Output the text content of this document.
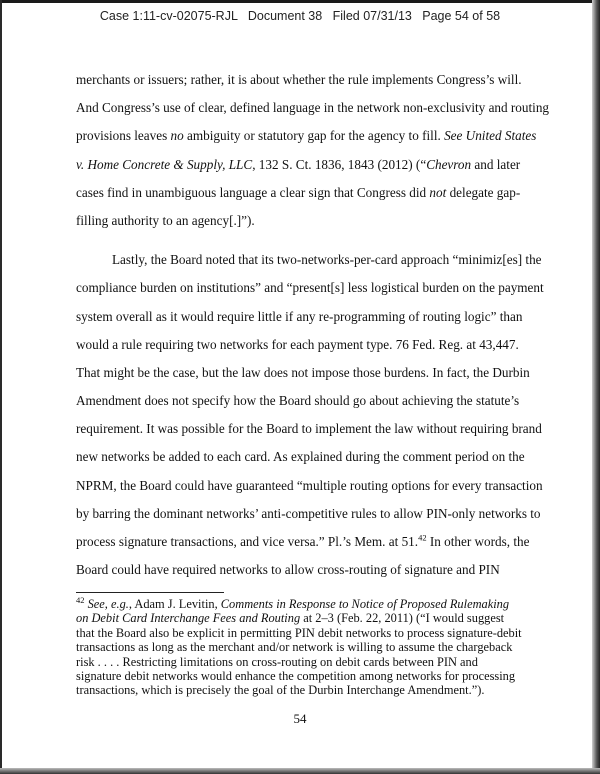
Case 1:11-cv-02075-RJL   Document 38   Filed 07/31/13   Page 54 of 58
merchants or issuers; rather, it is about whether the rule implements Congress’s will.
And Congress’s use of clear, defined language in the network non-exclusivity and routing
provisions leaves no ambiguity or statutory gap for the agency to fill. See United States
v. Home Concrete & Supply, LLC, 132 S. Ct. 1836, 1843 (2012) (“Chevron and later
cases find in unambiguous language a clear sign that Congress did not delegate gap-
filling authority to an agency[.]”).
Lastly, the Board noted that its two-networks-per-card approach “minimiz[es] the
compliance burden on institutions” and “present[s] less logistical burden on the payment
system overall as it would require little if any re-programming of routing logic” than
would a rule requiring two networks for each payment type. 76 Fed. Reg. at 43,447.
That might be the case, but the law does not impose those burdens. In fact, the Durbin
Amendment does not specify how the Board should go about achieving the statute’s
requirement. It was possible for the Board to implement the law without requiring brand
new networks be added to each card. As explained during the comment period on the
NPRM, the Board could have guaranteed “multiple routing options for every transaction
by barring the dominant networks’ anti-competitive rules to allow PIN-only networks to
process signature transactions, and vice versa.” Pl.’s Mem. at 51.42 In other words, the
Board could have required networks to allow cross-routing of signature and PIN
$^{42}$ See, e.g., Adam J. Levitin, Comments in Response to Notice of Proposed Rulemaking
on Debit Card Interchange Fees and Routing at 2–3 (Feb. 22, 2011) (“I would suggest
that the Board also be explicit in permitting PIN debit networks to process signature-debit
transactions as long as the merchant and/or network is willing to assume the chargeback
risk . . . . Restricting limitations on cross-routing on debit cards between PIN and
signature debit networks would enhance the competition among networks for processing
transactions, which is precisely the goal of the Durbin Interchange Amendment.”).
54
